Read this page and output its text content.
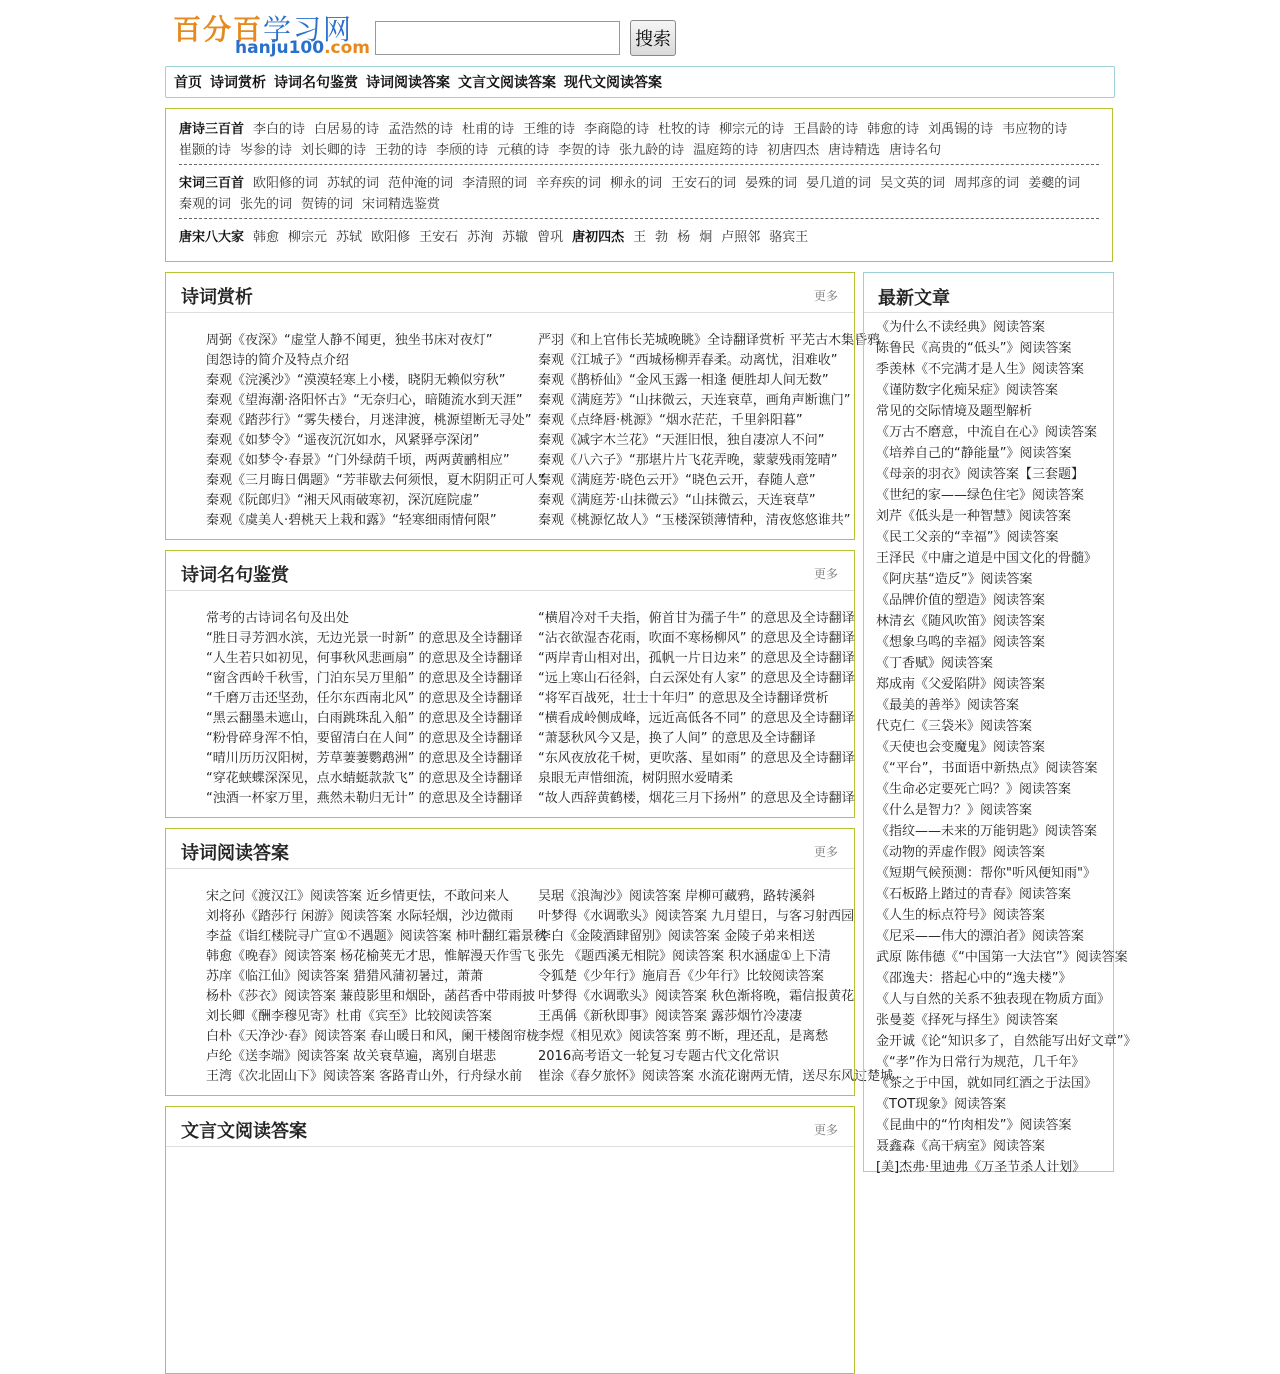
百分百学习网
hanju100.com	搜索
首页 诗词赏析 诗词名句鉴赏 诗词阅读答案 文言文阅读答案 现代文阅读答案
唐诗三百首 李白的诗 白居易的诗 孟浩然的诗 杜甫的诗 王维的诗 李商隐的诗 杜牧的诗 柳宗元的诗 王昌龄的诗 韩愈的诗 刘禹锡的诗 韦应物的诗崔颢的诗 岑参的诗 刘长卿的诗 王勃的诗 李颀的诗 元稹的诗 李贺的诗 张九龄的诗 温庭筠的诗 初唐四杰 唐诗精选 唐诗名句
宋词三百首 欧阳修的词 苏轼的词 范仲淹的词 李清照的词 辛弃疾的词 柳永的词 王安石的词 晏殊的词 晏几道的词 吴文英的词 周邦彦的词 姜夔的词秦观的词 张先的词 贺铸的词 宋词精选鉴赏
唐宋八大家 韩愈 柳宗元 苏轼 欧阳修 王安石 苏洵 苏辙 曾巩 唐初四杰 王 勃 杨 炯 卢照邻 骆宾王
诗词赏析	更多
周弼《夜深》“虚堂人静不闻更，独坐书床对夜灯”
闺怨诗的简介及特点介绍
秦观《浣溪沙》“漠漠轻寒上小楼，晓阴无赖似穷秋”
秦观《望海潮·洛阳怀古》“无奈归心，暗随流水到天涯”
秦观《踏莎行》“雾失楼台，月迷津渡，桃源望断无寻处”
秦观《如梦令》“遥夜沉沉如水，风紧驿亭深闭”
秦观《如梦令·春景》“门外绿荫千顷，两两黄鹂相应”
秦观《三月晦日偶题》“芳菲歇去何须恨，夏木阴阴正可人”
秦观《阮郎归》“湘天风雨破寒初，深沉庭院虚”
秦观《虞美人·碧桃天上栽和露》“轻寒细雨情何限”
严羽《和上官伟长芜城晚眺》全诗翻译赏析 平芜古木集昏鸦
秦观《江城子》“西城杨柳弄春柔。动离忧，泪难收”
秦观《鹊桥仙》“金风玉露一相逢 便胜却人间无数”
秦观《满庭芳》“山抹微云，天连衰草，画角声断谯门”
秦观《点绛唇·桃源》“烟水茫茫，千里斜阳暮”
秦观《减字木兰花》“天涯旧恨，独自凄凉人不问”
秦观《八六子》“那堪片片飞花弄晚，蒙蒙残雨笼晴”
秦观《满庭芳·晓色云开》“晓色云开，春随人意”
秦观《满庭芳·山抹微云》“山抹微云，天连衰草”
秦观《桃源忆故人》“玉楼深锁薄情种，清夜悠悠谁共”
诗词名句鉴赏	更多
常考的古诗词名句及出处
“胜日寻芳泗水滨，无边光景一时新” 的意思及全诗翻译
“人生若只如初见，何事秋风悲画扇” 的意思及全诗翻译
“窗含西岭千秋雪，门泊东吴万里船” 的意思及全诗翻译
“千磨万击还坚劲，任尔东西南北风” 的意思及全诗翻译
“黑云翻墨未遮山，白雨跳珠乱入船” 的意思及全诗翻译
“粉骨碎身浑不怕，要留清白在人间” 的意思及全诗翻译
“晴川历历汉阳树，芳草萋萋鹦鹉洲” 的意思及全诗翻译
“穿花蛱蝶深深见，点水蜻蜓款款飞” 的意思及全诗翻译
“浊酒一杯家万里，燕然未勒归无计” 的意思及全诗翻译
“横眉冷对千夫指，俯首甘为孺子牛” 的意思及全诗翻译
“沾衣欲湿杏花雨，吹面不寒杨柳风” 的意思及全诗翻译
“两岸青山相对出，孤帆一片日边来” 的意思及全诗翻译
“远上寒山石径斜，白云深处有人家” 的意思及全诗翻译
“将军百战死，壮士十年归” 的意思及全诗翻译赏析
“横看成岭侧成峰，远近高低各不同” 的意思及全诗翻译
“萧瑟秋风今又是，换了人间” 的意思及全诗翻译
“东风夜放花千树，更吹落、星如雨” 的意思及全诗翻译
泉眼无声惜细流，树阴照水爱晴柔
“故人西辞黄鹤楼，烟花三月下扬州” 的意思及全诗翻译
诗词阅读答案	更多
宋之问《渡汉江》阅读答案 近乡情更怯，不敢问来人
刘将孙《踏莎行 闲游》阅读答案 水际轻烟，沙边微雨
李益《诣红楼院寻广宣①不遇题》阅读答案 柿叶翻红霜景秋
韩愈《晚春》阅读答案 杨花榆荚无才思，惟解漫天作雪飞
苏庠《临江仙》阅读答案 猎猎风蒲初暑过，萧萧
杨朴《莎衣》阅读答案 蒹葭影里和烟卧，菡萏香中带雨披
刘长卿《酬李穆见寄》杜甫《宾至》比较阅读答案
白朴《天净沙·春》阅读答案 春山暖日和风，阑干楼阁帘栊
卢纶《送李端》阅读答案 故关衰草遍，离别自堪悲
王湾《次北固山下》阅读答案 客路青山外，行舟绿水前
吴琚《浪淘沙》阅读答案 岸柳可藏鸦，路转溪斜
叶梦得《水调歌头》阅读答案 九月望日，与客习射西园
李白《金陵酒肆留别》阅读答案 金陵子弟来相送
张先 《题西溪无相院》阅读答案 积水涵虚①上下清
令狐楚《少年行》施肩吾《少年行》比较阅读答案
叶梦得《水调歌头》阅读答案 秋色渐将晚，霜信报黄花
王禹偁《新秋即事》阅读答案 露莎烟竹冷凄凄
李煜《相见欢》阅读答案 剪不断，理还乱，是离愁
2016高考语文一轮复习专题古代文化常识
崔涂《春夕旅怀》阅读答案 水流花谢两无情，送尽东风过楚城
文言文阅读答案	更多
最新文章
《为什么不读经典》阅读答案
陈鲁民《高贵的“低头”》阅读答案
季羡林《不完满才是人生》阅读答案
《谨防数字化痴呆症》阅读答案
常见的交际情境及题型解析
《万古不磨意，中流自在心》阅读答案
《培养自己的“静能量”》阅读答案
《母亲的羽衣》阅读答案【三套题】
《世纪的家——绿色住宅》阅读答案
刘芹《低头是一种智慧》阅读答案
《民工父亲的“幸福”》阅读答案
王泽民《中庸之道是中国文化的骨髓》
《阿庆基“造反”》阅读答案
《品牌价值的塑造》阅读答案
林清玄《随风吹笛》阅读答案
《想象乌鸣的幸福》阅读答案
《丁香赋》阅读答案
郑成南《父爱陷阱》阅读答案
《最美的善举》阅读答案
代克仁《三袋米》阅读答案
《天使也会变魔鬼》阅读答案
《“平台”，书面语中新热点》阅读答案
《生命必定要死亡吗？》阅读答案
《什么是智力？》阅读答案
《指纹——未来的万能钥匙》阅读答案
《动物的弄虚作假》阅读答案
《短期气候预测：帮你"听风便知雨"》
《石板路上踏过的青春》阅读答案
《人生的标点符号》阅读答案
《尼采——伟大的漂泊者》阅读答案
武原 陈伟德《“中国第一大法官”》阅读答案
《邵逸夫：搭起心中的“逸夫楼”》
《人与自然的关系不独表现在物质方面》
张曼菱《择死与择生》阅读答案
金开诚《论“知识多了，自然能写出好文章”》
《“孝”作为日常行为规范，几千年》
《茶之于中国，就如同红酒之于法国》
《TOT现象》阅读答案
《昆曲中的“竹肉相发”》阅读答案
聂鑫森《高干病室》阅读答案
[美]杰弗·里迪弗《万圣节杀人计划》
